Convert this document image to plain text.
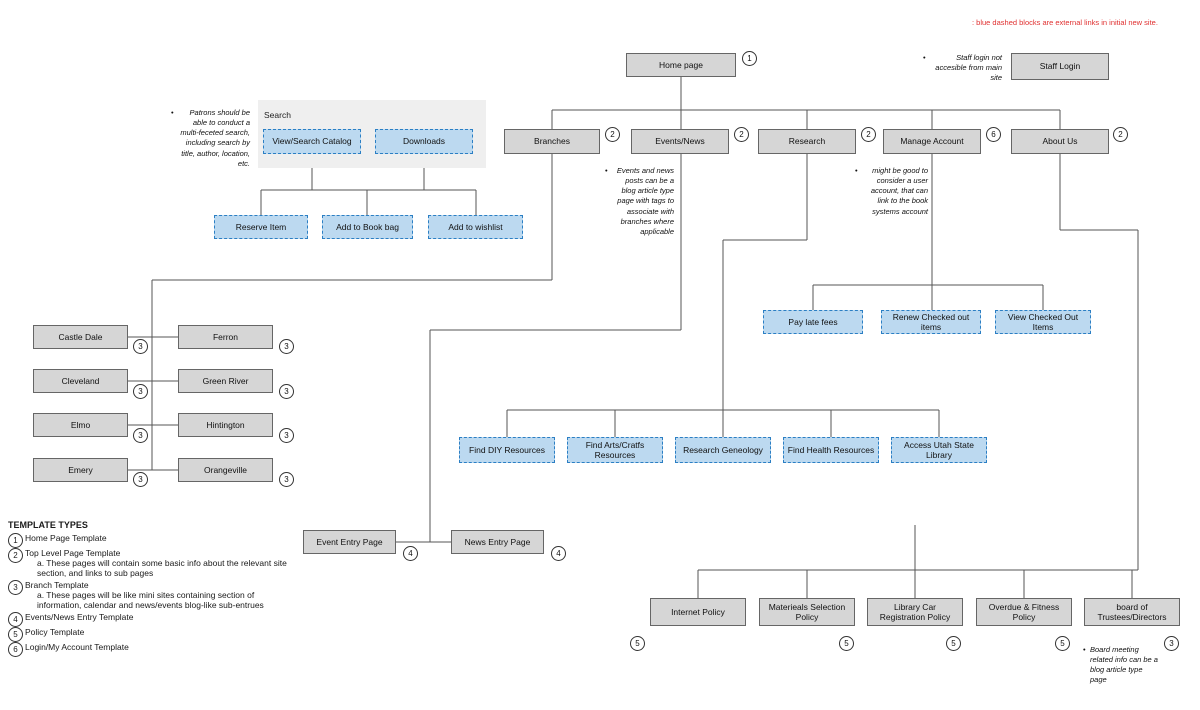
Search
: blue dashed blocks are external links in initial new site.
Home page	Staff Login
View/Search Catalog	Downloads	Branches	Events/News	Research	Manage Account	About Us
Reserve Item	Add to Book bag	Add to wishlist
Pay late fees
Renew Checked out items
View Checked Out Items
Castle Dale	Ferron
Cleveland	Green River
Elmo	Hintington
Emery	Orangeville
Find DIY Resources
Find Arts/Cratfs Resources
Research Geneology	Find Health Resources
Access Utah State Library
Event Entry Page	News Entry Page
Internet Policy
Materieals Selection Policy
Library Car Registration Policy
Overdue & Fitness Policy
board of Trustees/Directors
1
2	2	2	6	2
3	3
3	3
3	3
3	3
4	4
5	5	5	5	3
• Patrons should be able to conduct a multi-feceted search, including search by title, author, location, etc.
•	Staff login not accesible from main site
• Events and news posts can be a blog article type page with tags to associate with branches where applicable
• might be good to consider a user account, that can link to the book systems account
• Board meeting related info can be a blog article type page
TEMPLATE TYPES
1 Home Page Template
2 Top Level Page Template
a. These pages will contain some basic info about the relevant site section, and links to sub pages
3 Branch Template
a. These pages will be like mini sites containing section of information, calendar and news/events blog-like sub-entrues
4 Events/News Entry Template
5 Policy Template
6 Login/My Account Template
